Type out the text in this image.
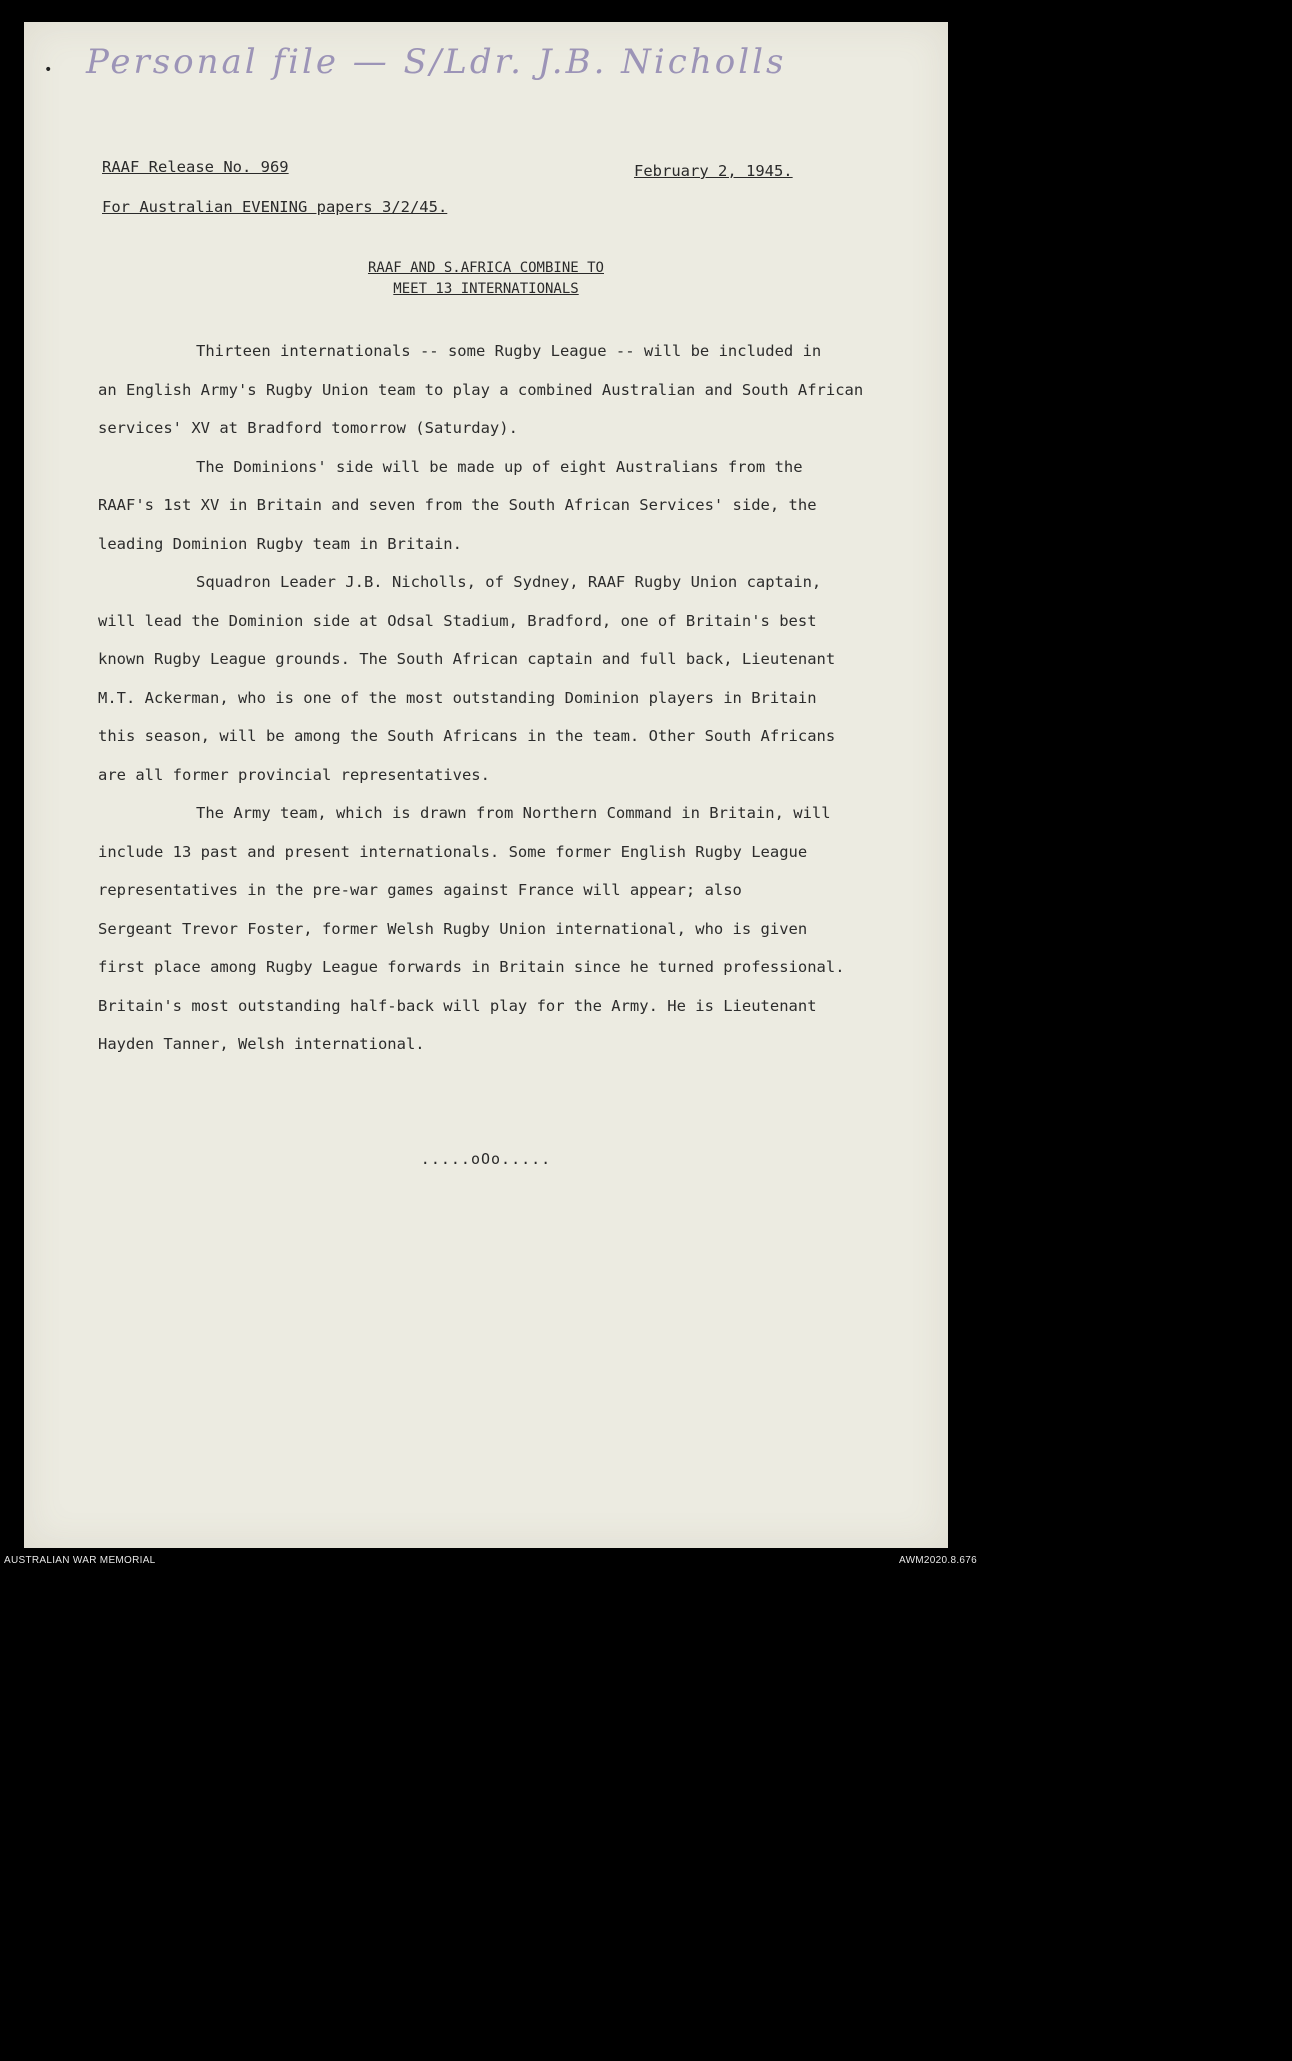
• Personal file — S/Ldr. J.B. Nicholls
RAAF Release No. 969	February 2, 1945.
For Australian EVENING papers 3/2/45.
RAAF AND S.AFRICA COMBINE TO
MEET 13 INTERNATIONALS

Thirteen internationals -- some Rugby League -- will be included in
an English Army's Rugby Union team to play a combined Australian and South African
services' XV at Bradford tomorrow (Saturday).

The Dominions' side will be made up of eight Australians from the
RAAF's 1st XV in Britain and seven from the South African Services' side, the
leading Dominion Rugby team in Britain.

Squadron Leader J.B. Nicholls, of Sydney, RAAF Rugby Union captain,
will lead the Dominion side at Odsal Stadium, Bradford, one of Britain's best
known Rugby League grounds. The South African captain and full back, Lieutenant
M.T. Ackerman, who is one of the most outstanding Dominion players in Britain
this season, will be among the South Africans in the team. Other South Africans
are all former provincial representatives.

The Army team, which is drawn from Northern Command in Britain, will
include 13 past and present internationals. Some former English Rugby League
representatives in the pre-war games against France will appear; also
Sergeant Trevor Foster, former Welsh Rugby Union international, who is given
first place among Rugby League forwards in Britain since he turned professional.
Britain's most outstanding half-back will play for the Army. He is Lieutenant
Hayden Tanner, Welsh international.

.....oOo.....
AUSTRALIAN WAR MEMORIAL	AWM2020.8.676
